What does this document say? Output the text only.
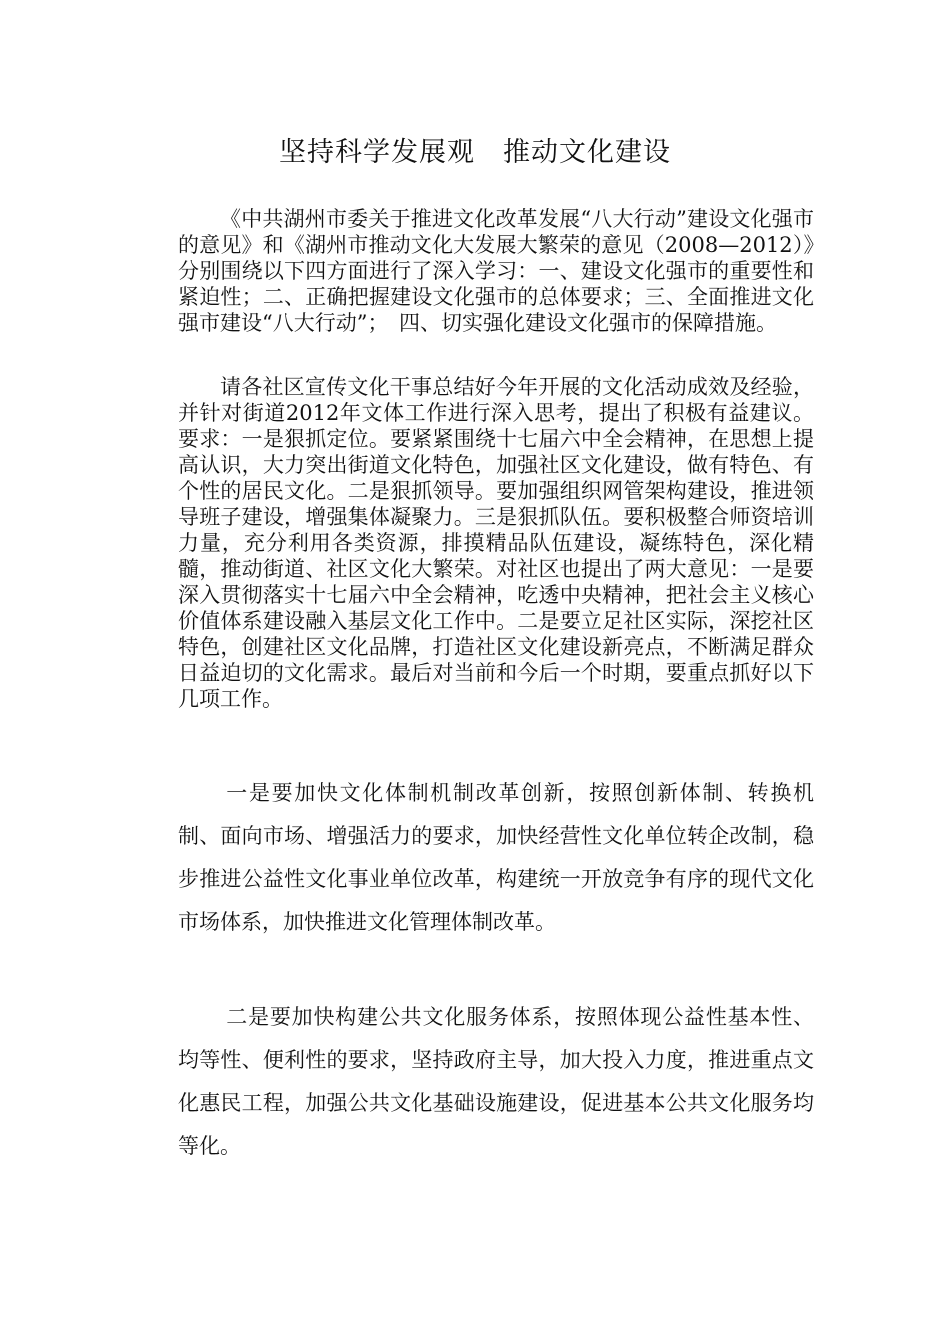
坚持科学发展观　推动文化建设

《中共湖州市委关于推进文化改革发展“八大行动”建设文化强市的意见》和《湖州市推动文化大发展大繁荣的意见（2008—2012）》分别围绕以下四方面进行了深入学习：一、建设文化强市的重要性和紧迫性；二、正确把握建设文化强市的总体要求；三、全面推进文化强市建设“八大行动”；　四、切实强化建设文化强市的保障措施。

请各社区宣传文化干事总结好今年开展的文化活动成效及经验，并针对街道2012年文体工作进行深入思考，提出了积极有益建议。要求：一是狠抓定位。要紧紧围绕十七届六中全会精神，在思想上提高认识，大力突出街道文化特色，加强社区文化建设，做有特色、有个性的居民文化。二是狠抓领导。要加强组织网管架构建设，推进领导班子建设，增强集体凝聚力。三是狠抓队伍。要积极整合师资培训力量，充分利用各类资源，排摸精品队伍建设，凝练特色，深化精髓，推动街道、社区文化大繁荣。对社区也提出了两大意见：一是要深入贯彻落实十七届六中全会精神，吃透中央精神，把社会主义核心价值体系建设融入基层文化工作中。二是要立足社区实际，深挖社区特色，创建社区文化品牌，打造社区文化建设新亮点，不断满足群众日益迫切的文化需求。最后对当前和今后一个时期，要重点抓好以下几项工作。

一是要加快文化体制机制改革创新，按照创新体制、转换机制、面向市场、增强活力的要求，加快经营性文化单位转企改制，稳步推进公益性文化事业单位改革，构建统一开放竞争有序的现代文化市场体系，加快推进文化管理体制改革。

二是要加快构建公共文化服务体系，按照体现公益性基本性、均等性、便利性的要求，坚持政府主导，加大投入力度，推进重点文化惠民工程，加强公共文化基础设施建设，促进基本公共文化服务均等化。
